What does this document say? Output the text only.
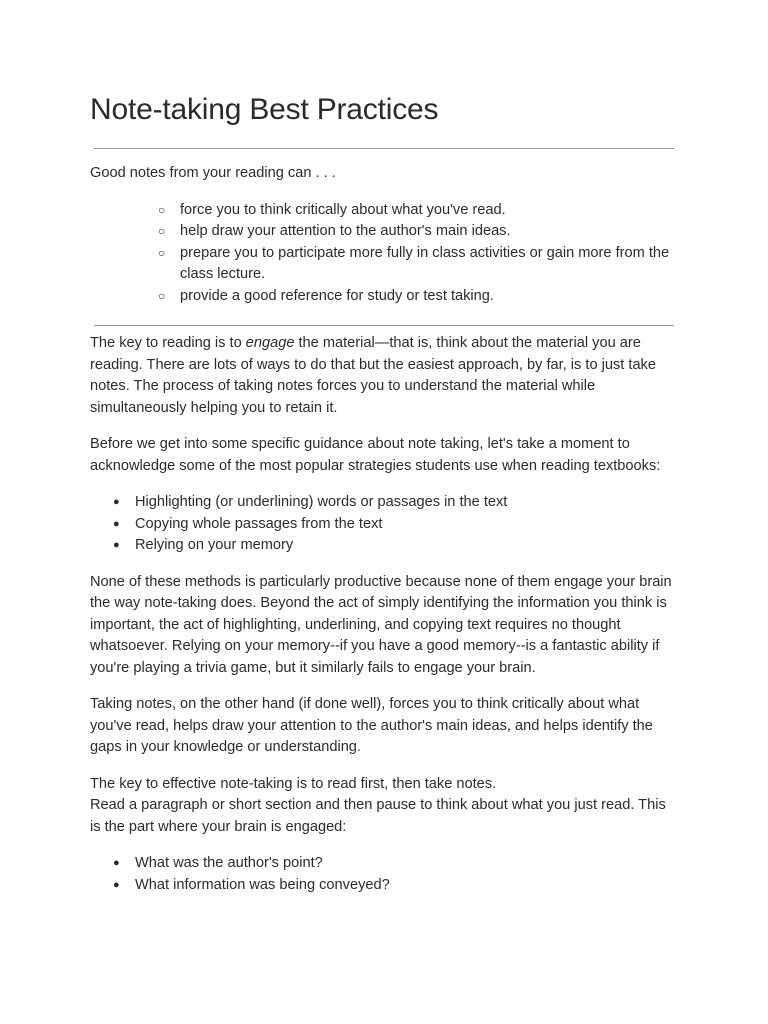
Note-taking Best Practices

Good notes from your reading can . . .

○ force you to think critically about what you've read.
○ help draw your attention to the author's main ideas.
○ prepare you to participate more fully in class activities or gain more from the class lecture.
○ provide a good reference for study or test taking.

The key to reading is to engage the material—that is, think about the material you are reading. There are lots of ways to do that but the easiest approach, by far, is to just take notes. The process of taking notes forces you to understand the material while simultaneously helping you to retain it.

Before we get into some specific guidance about note taking, let's take a moment to acknowledge some of the most popular strategies students use when reading textbooks:

● Highlighting (or underlining) words or passages in the text
● Copying whole passages from the text
● Relying on your memory

None of these methods is particularly productive because none of them engage your brain the way note-taking does. Beyond the act of simply identifying the information you think is important, the act of highlighting, underlining, and copying text requires no thought whatsoever. Relying on your memory--if you have a good memory--is a fantastic ability if you're playing a trivia game, but it similarly fails to engage your brain.

Taking notes, on the other hand (if done well), forces you to think critically about what you've read, helps draw your attention to the author's main ideas, and helps identify the gaps in your knowledge or understanding.

The key to effective note-taking is to read first, then take notes.
Read a paragraph or short section and then pause to think about what you just read. This is the part where your brain is engaged:

● What was the author's point?
● What information was being conveyed?
